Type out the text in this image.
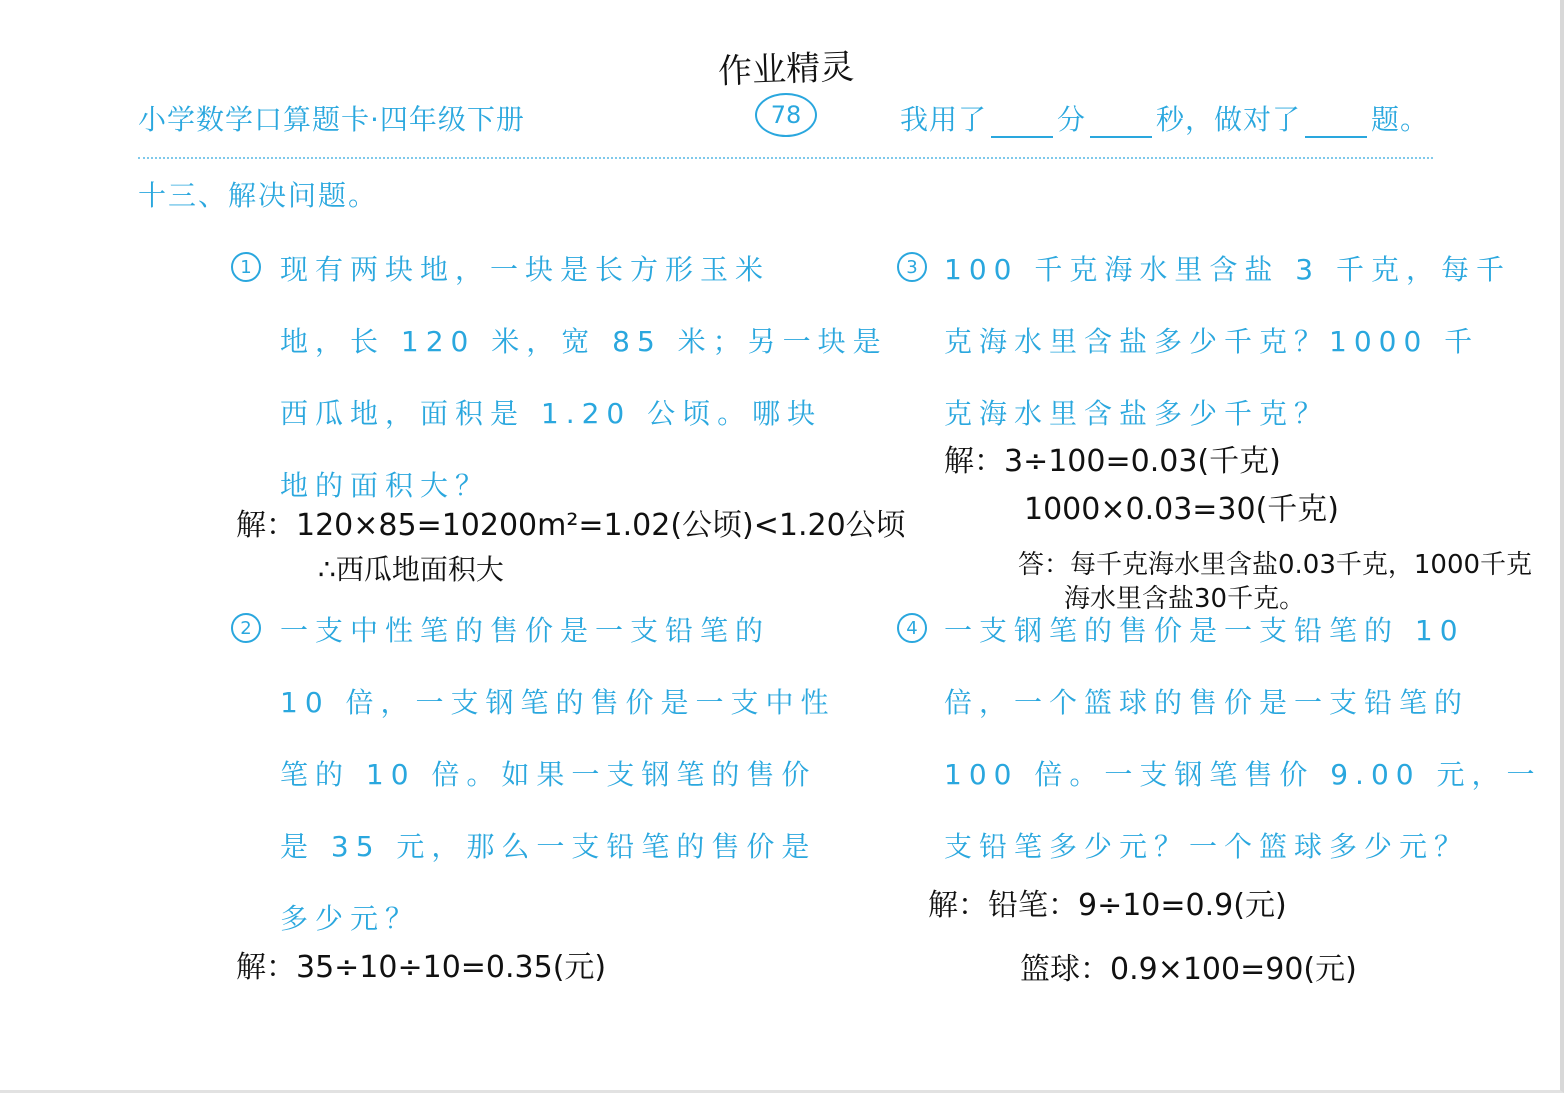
作业精灵
小学数学口算题卡·四年级下册	78	我用了	分	秒，做对了	题。
十三、解决问题。
1	现有两块地，一块是长方形玉米
地，长 120 米，宽 85 米；另一块是
西瓜地，面积是 1.20 公顷。哪块
地的面积大？
解：120×85=10200m²=1.02(公顷)<1.20公顷
∴西瓜地面积大
2	一支中性笔的售价是一支铅笔的
10 倍，一支钢笔的售价是一支中性
笔的 10 倍。如果一支钢笔的售价
是 35 元，那么一支铅笔的售价是
多少元？
解：35÷10÷10=0.35(元)
3 100 千克海水里含盐 3 千克，每千
克海水里含盐多少千克？1000 千
克海水里含盐多少千克？
解：3÷100=0.03(千克)
1000×0.03=30(千克)
答：每千克海水里含盐0.03千克，1000千克
海水里含盐30千克。
4 一支钢笔的售价是一支铅笔的 10
倍，一个篮球的售价是一支铅笔的
100 倍。一支钢笔售价 9.00 元，一
支铅笔多少元？一个篮球多少元？
解：铅笔：9÷10=0.9(元)
篮球：0.9×100=90(元)
